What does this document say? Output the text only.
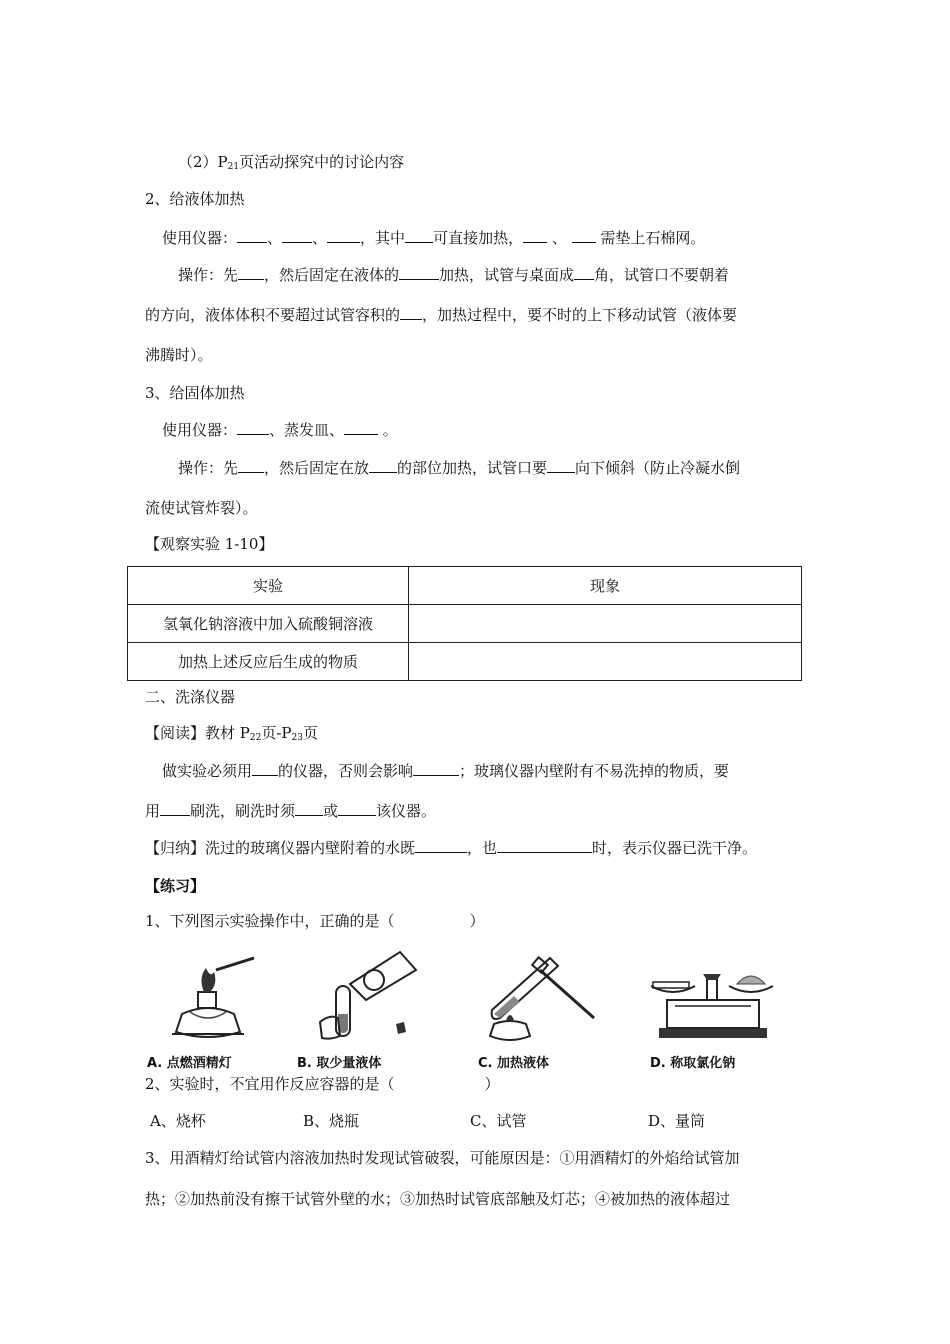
$(2)P_{21}$页活动探究中的讨论内容
2、给液体加热
使用仪器： 、 、 ，其中 可直接加热， 、  需垫上石棉网。
操作：先 ，然后固定在液体的	加热，试管与桌面成 角，试管口不要朝着
的方向，液体体积不要超过试管容积的 ，加热过程中，要不时的上下移动试管（液体要
沸腾时）。
3、给固体加热
使用仪器： 、蒸发皿、 。
操作：先 ，然后固定在放 的部位加热，试管口要 向下倾斜（防止冷凝水倒
流使试管炸裂）。
【观察实验 1-10】
实验	现象
氢氧化钠溶液中加入硫酸铜溶液	
加热上述反应后生成的物质	
二、洗涤仪器
【阅读】教材 $P_{22}$页$-P_{23}$页
做实验必须用 的仪器，否则会影响	；玻璃仪器内壁附有不易洗掉的物质，要
用 刷洗，刷洗时须 或	该仪器。
【归纳】洗过的玻璃仪器内壁附着的水既	，也	时，表示仪器已洗干净。
【练习】
1、下列图示实验操作中，正确的是（　　　　　）
A. 点燃酒精灯	B. 取少量液体	C. 加热液体	D. 称取氯化钠
2、实验时，不宜用作反应容器的是（　　　　　　）
A、烧杯	B、烧瓶	C、试管	D、量筒
3、用酒精灯给试管内溶液加热时发现试管破裂，可能原因是：①用酒精灯的外焰给试管加
热；②加热前没有擦干试管外壁的水；③加热时试管底部触及灯芯；④被加热的液体超过
